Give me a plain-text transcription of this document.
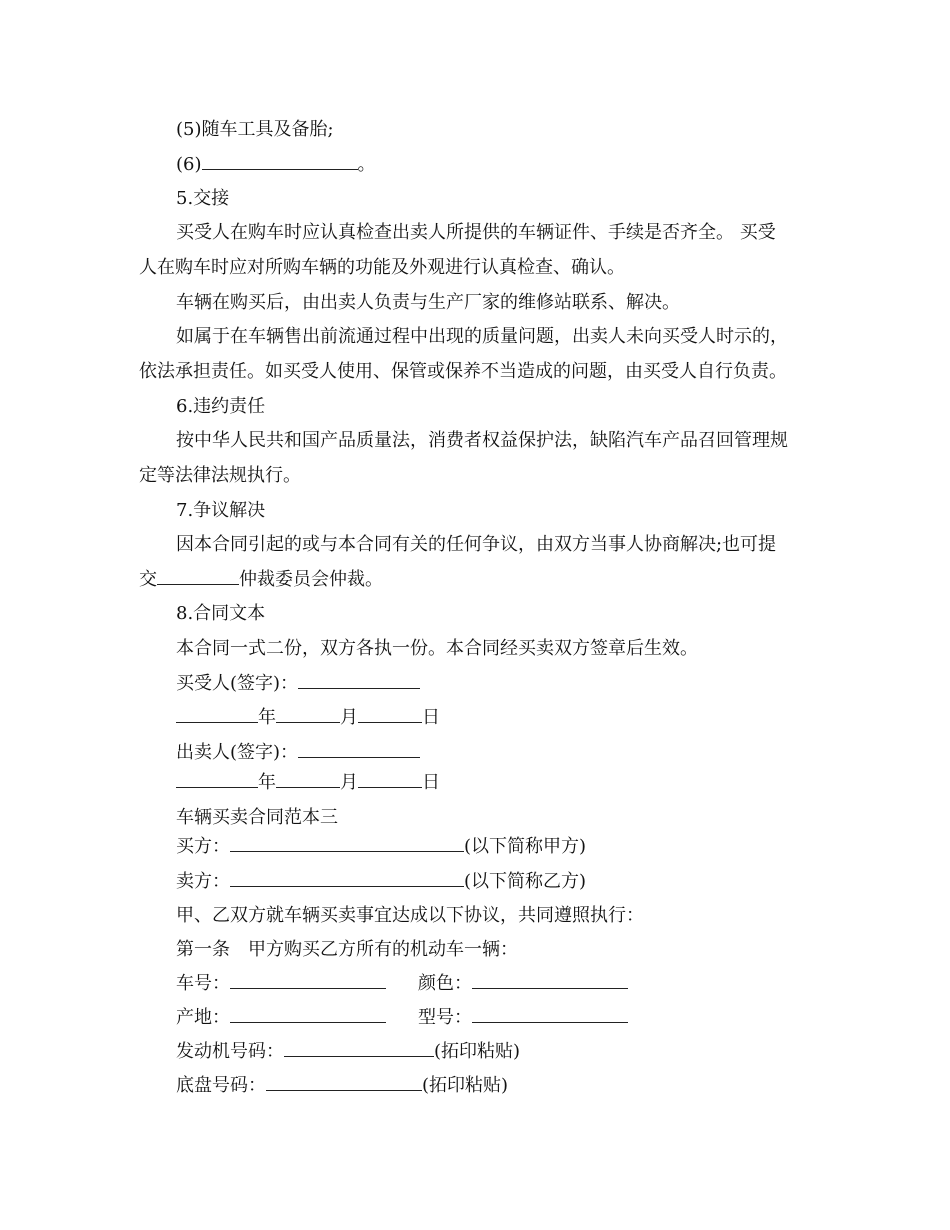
(5)随车工具及备胎;
(6)	。
5.交接
买受人在购车时应认真检查出卖人所提供的车辆证件、手续是否齐全。 买受
人在购车时应对所购车辆的功能及外观进行认真检查、确认。
车辆在购买后，由出卖人负责与生产厂家的维修站联系、解决。
如属于在车辆售出前流通过程中出现的质量问题，出卖人未向买受人时示的，
依法承担责任。如买受人使用、保管或保养不当造成的问题，由买受人自行负责。
6.违约责任
按中华人民共和国产品质量法，消费者权益保护法，缺陷汽车产品召回管理规
定等法律法规执行。
7.争议解决
因本合同引起的或与本合同有关的任何争议，由双方当事人协商解决;也可提
交	仲裁委员会仲裁。
8.合同文本
本合同一式二份，双方各执一份。本合同经买卖双方签章后生效。
买受人(签字)：
年	月	日
出卖人(签字)：
年	月	日
车辆买卖合同范本三
买方：	(以下简称甲方)
卖方：	(以下简称乙方)
甲、乙双方就车辆买卖事宜达成以下协议，共同遵照执行：
第一条　甲方购买乙方所有的机动车一辆：
车号：	颜色：
产地：	型号：
发动机号码：	(拓印粘贴)
底盘号码：	(拓印粘贴)
